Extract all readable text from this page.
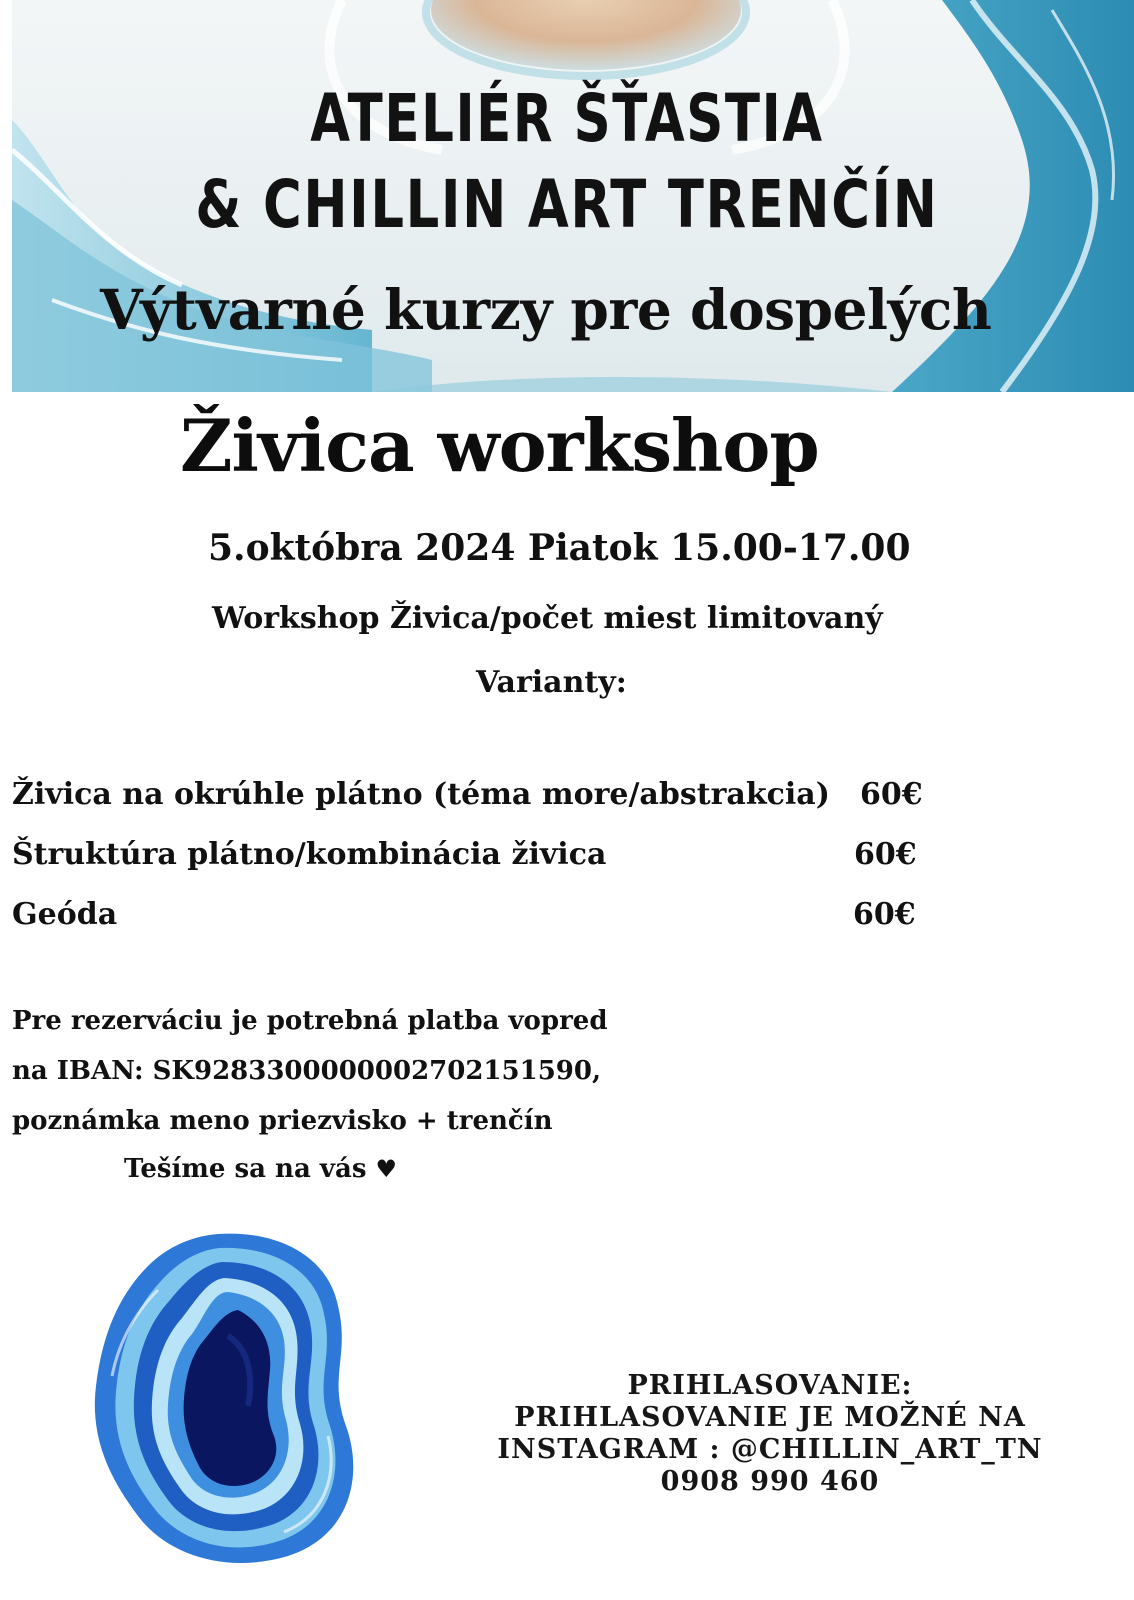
ATELIÉR ŠŤASTIA
& CHILLIN ART TRENČÍN
Výtvarné kurzy pre dospelých
Živica workshop
5.októbra 2024 Piatok 15.00-17.00
Workshop Živica/počet miest limitovaný
Varianty:
Živica na okrúhle plátno (téma more/abstrakcia) 60€
Štruktúra plátno/kombinácia živica	60€
Geóda	60€
Pre rezerváciu je potrebná platba vopred
na IBAN: SK9283300000002702151590,
poznámka meno priezvisko + trenčín
Tešíme sa na vás ♥
PRIHLASOVANIE:
PRIHLASOVANIE JE MOŽNÉ NA
INSTAGRAM : @CHILLIN_ART_TN
0908 990 460
